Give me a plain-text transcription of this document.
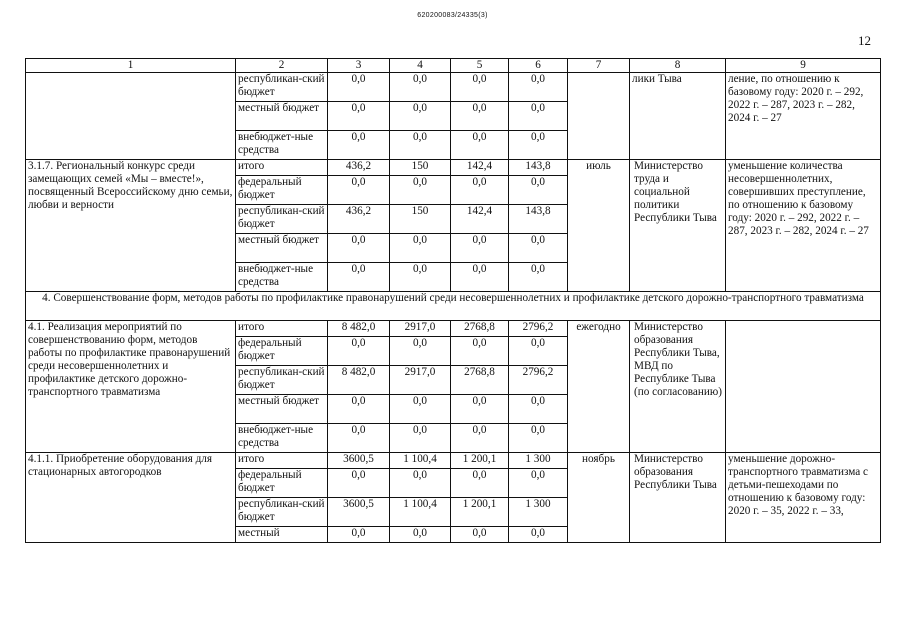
620200083/24335(3)
12
1	2	3	4	5	6	7	8	9
	республикан-ский бюджет	0,0	0,0	0,0	0,0		лики Тыва	ление, по отношению к базовому году: 2020 г. – 292, 2022 г. – 287, 2023 г. – 282, 2024 г. – 27
	местный бюджет	0,0	0,0	0,0	0,0			
	внебюджет-ные средства	0,0	0,0	0,0	0,0			
3.1.7. Региональный конкурс среди замещающих семей «Мы – вместе!», посвященный Всероссийскому дню семьи, любви и верности	итого	436,2	150	142,4	143,8	июль	Министерство труда и социальной политики Республики Тыва	уменьшение количества несовершеннолетних, совершивших преступление, по отношению к базовому году: 2020 г. – 292, 2022 г. – 287, 2023 г. – 282, 2024 г. – 27
	федеральный бюджет	0,0	0,0	0,0	0,0			
	республикан-ский бюджет	436,2	150	142,4	143,8			
	местный бюджет	0,0	0,0	0,0	0,0			
	внебюджет-ные средства	0,0	0,0	0,0	0,0			
4. Совершенствование форм, методов работы по профилактике правонарушений среди несовершеннолетних и профилактике детского дорожно-транспортного травматизма								
4.1. Реализация мероприятий по совершенствованию форм, методов работы по профилактике правонарушений среди несовершеннолетних и профилактике детского дорожно-транспортного травматизма	итого	8 482,0	2917,0	2768,8	2796,2	ежегодно	Министерство образования Республики Тыва, МВД по Республике Тыва (по согласованию)	
	федеральный бюджет	0,0	0,0	0,0	0,0			
	республикан-ский бюджет	8 482,0	2917,0	2768,8	2796,2			
	местный бюджет	0,0	0,0	0,0	0,0			
	внебюджет-ные средства	0,0	0,0	0,0	0,0			
4.1.1. Приобретение оборудования для стационарных автогородков	итого	3600,5	1 100,4	1 200,1	1 300	ноябрь	Министерство образования Республики Тыва	уменьшение дорожно-транспортного травматизма с детьми-пешеходами по отношению к базовому году: 2020 г. – 35, 2022 г. – 33,
	федеральный бюджет	0,0	0,0	0,0	0,0			
	республикан-ский бюджет	3600,5	1 100,4	1 200,1	1 300			
	местный	0,0	0,0	0,0	0,0			
